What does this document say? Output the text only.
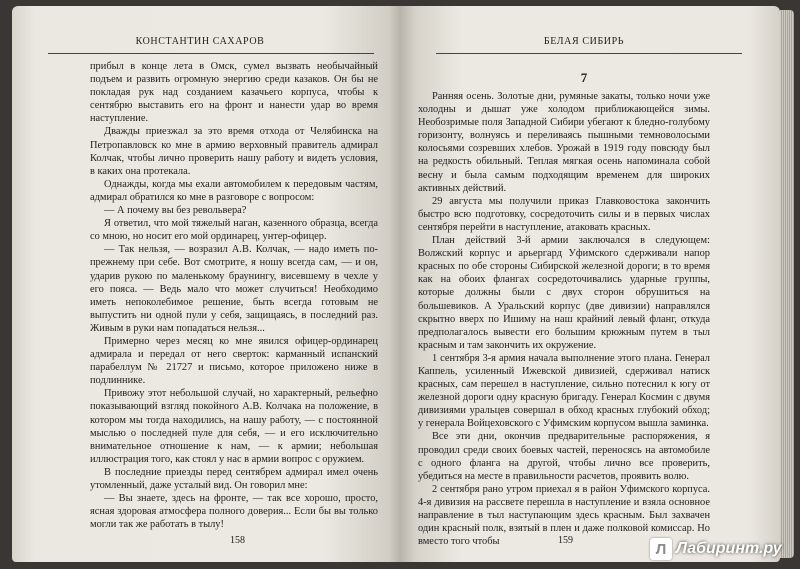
КОНСТАНТИН САХАРОВ

прибыл в конце лета в Омск, сумел вызвать необычайный подъем и развить огромную энергию среди казаков. Он бы не покладая рук над созданием казачьего корпуса, чтобы к сентябрю выставить его на фронт и нанести удар во время наступление.

Дважды приезжал за это время отхода от Челябинска на Петропавловск ко мне в армию верховный правитель адмирал Колчак, чтобы лично проверить нашу работу и видеть условия, в каких она протекала.

Однажды, когда мы ехали автомобилем к передовым частям, адмирал обратился ко мне в разговоре с вопросом:

— А почему вы без револьвера?

Я ответил, что мой тяжелый наган, казенного образца, всегда со мною, но носит его мой ординарец, унтер-офицер.

— Так нельзя, — возразил А.В. Колчак, — надо иметь по-прежнему при себе. Вот смотрите, я ношу всегда сам, — и он, ударив рукою по маленькому браунингу, висевшему в чехле у его пояса. — Ведь мало что может случиться! Необходимо иметь непоколебимое решение, быть всегда готовым не выпустить ни одной пули у себя, защищаясь, в последний раз. Живым в руки нам попадаться нельзя...

Примерно через месяц ко мне явился офицер-ординарец адмирала и передал от него сверток: карманный испанский парабеллум № 21727 и письмо, которое приложено ниже в подлиннике.

Привожу этот небольшой случай, но характерный, рельефно показывающий взгляд покойного А.В. Колчака на положение, в котором мы тогда находились, на нашу работу, — с постоянной мыслью о последней пуле для себя, — и его исключительно внимательное отношение к нам, — к армии; небольшая иллюстрация того, как стоял у нас в армии вопрос с оружием.

В последние приезды перед сентябрем адмирал имел очень утомленный, даже усталый вид. Он говорил мне:

— Вы знаете, здесь на фронте, — так все хорошо, просто, ясная здоровая атмосфера полного доверия... Если бы вы только могли так же работать в тылу!

158
БЕЛАЯ СИБИРЬ
7

Ранняя осень. Золотые дни, румяные закаты, только ночи уже холодны и дышат уже холодом приближающейся зимы. Необозримые поля Западной Сибири убегают к бледно-голубому горизонту, волнуясь и переливаясь пышными темноволосыми колосьями созревших хлебов. Урожай в 1919 году повсюду был на редкость обильный. Теплая мягкая осень напоминала собой весну и была самым подходящим временем для широких активных действий.

29 августа мы получили приказ Главковостока закончить быстро всю подготовку, сосредоточить силы и в первых числах сентября перейти в наступление, атаковать красных.

План действий 3-й армии заключался в следующем: Волжский корпус и арьергард Уфимского сдерживали напор красных по обе стороны Сибирской железной дороги; в то время как на обоих флангах сосредоточивались ударные группы, которые должны были с двух сторон обрушиться на большевиков. А Уральский корпус (две дивизии) направлялся скрытно вверх по Ишиму на наш крайний левый фланг, откуда предполагалось вывести его большим крюжным путем в тыл красным и там закончить их окружение.

1 сентября 3-я армия начала выполнение этого плана. Генерал Каппель, усиленный Ижевской дивизией, сдерживал натиск красных, сам перешел в наступление, сильно потеснил к югу от железной дороги одну красную бригаду. Генерал Космин с двумя дивизиями уральцев совершал в обход красных глубокий обход; у генерала Войцеховского с Уфимским корпусом вышла заминка.

Все эти дни, окончив предварительные распоряжения, я проводил среди своих боевых частей, переносясь на автомобиле с одного фланга на другой, чтобы лично все проверить, убедиться на месте в правильности расчетов, проявить волю.

2 сентября рано утром приехал я в район Уфимского корпуса. 4-я дивизия на рассвете перешла в наступление и взяла основное направление в тыл наступающим здесь красным. Был захвачен один красный полк, взятый в плен и даже полковой комиссар. Но вместо того чтобы	159	Л Лабиринт.ру
